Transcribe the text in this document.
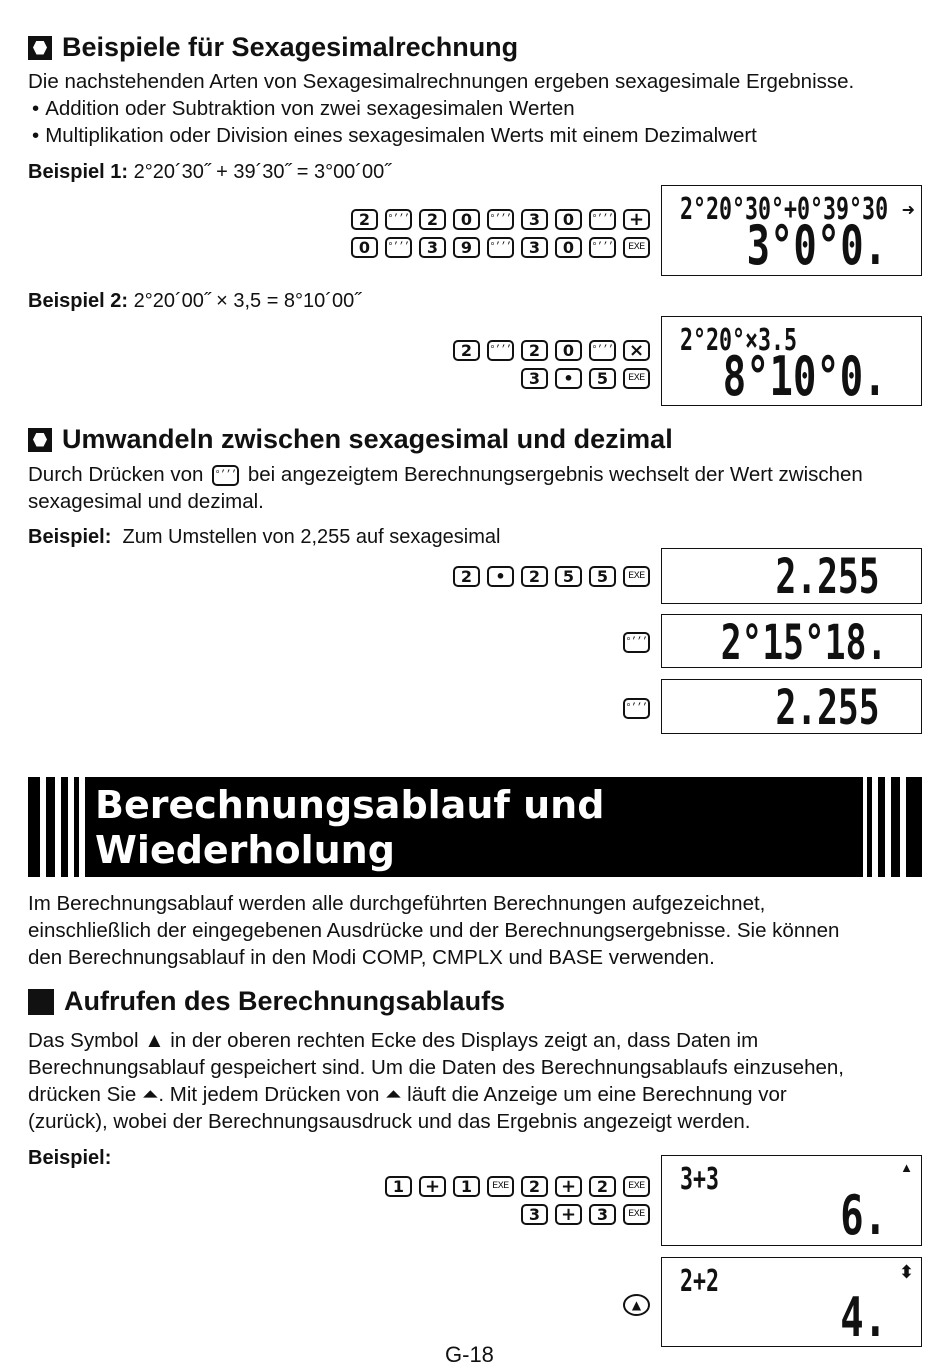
Beispiele für Sexagesimalrechnung
Die nachstehenden Arten von Sexagesimalrechnungen ergeben sexagesimale Ergebnisse.
• Addition oder Subtraktion von zwei sexagesimalen Werten
• Multiplikation oder Division eines sexagesimalen Werts mit einem Dezimalwert
Beispiel 1: 2°20´30˝ + 39´30˝ = 3°00´00˝
2	°’’’	2	0	°’’’	3	0	°’’’ +
0	°’’’	3	9	°’’’	3	0	°’’’	EXE
2°20°30°+0°39°30 ➜
3°0°0.
Beispiel 2: 2°20´00˝ × 3,5 = 8°10´00˝
2	°’’’	2	0	°’’’ ×
3	•	5	EXE
2°20°×3.5
8°10°0.
Umwandeln zwischen sexagesimal und dezimal
Durch Drücken von °’’’ bei angezeigtem Berechnungsergebnis wechselt der Wert zwischen
sexagesimal und dezimal.
Beispiel: Zum Umstellen von 2,255 auf sexagesimal
2	•	2	5	5	EXE	2.255
°’’’ 2°15°18.
°’’’	2.255
Berechnungsablauf und
Wiederholung
Im Berechnungsablauf werden alle durchgeführten Berechnungen aufgezeichnet,
einschließlich der eingegebenen Ausdrücke und der Berechnungsergebnisse. Sie können
den Berechnungsablauf in den Modi COMP, CMPLX und BASE verwenden.
Aufrufen des Berechnungsablaufs
Das Symbol ▲ in der oberen rechten Ecke des Displays zeigt an, dass Daten im
Berechnungsablauf gespeichert sind. Um die Daten des Berechnungsablaufs einzusehen,
drücken Sie ⏶. Mit jedem Drücken von ⏶ läuft die Anzeige um eine Berechnung vor
(zurück), wobei der Berechnungsausdruck und das Ergebnis angezeigt werden.
Beispiel:
1	+	1	EXE	2	+	2	EXE
3	+	3	EXE
3+3	▲
6.
▲
2+2	⬍
4.
G-18
